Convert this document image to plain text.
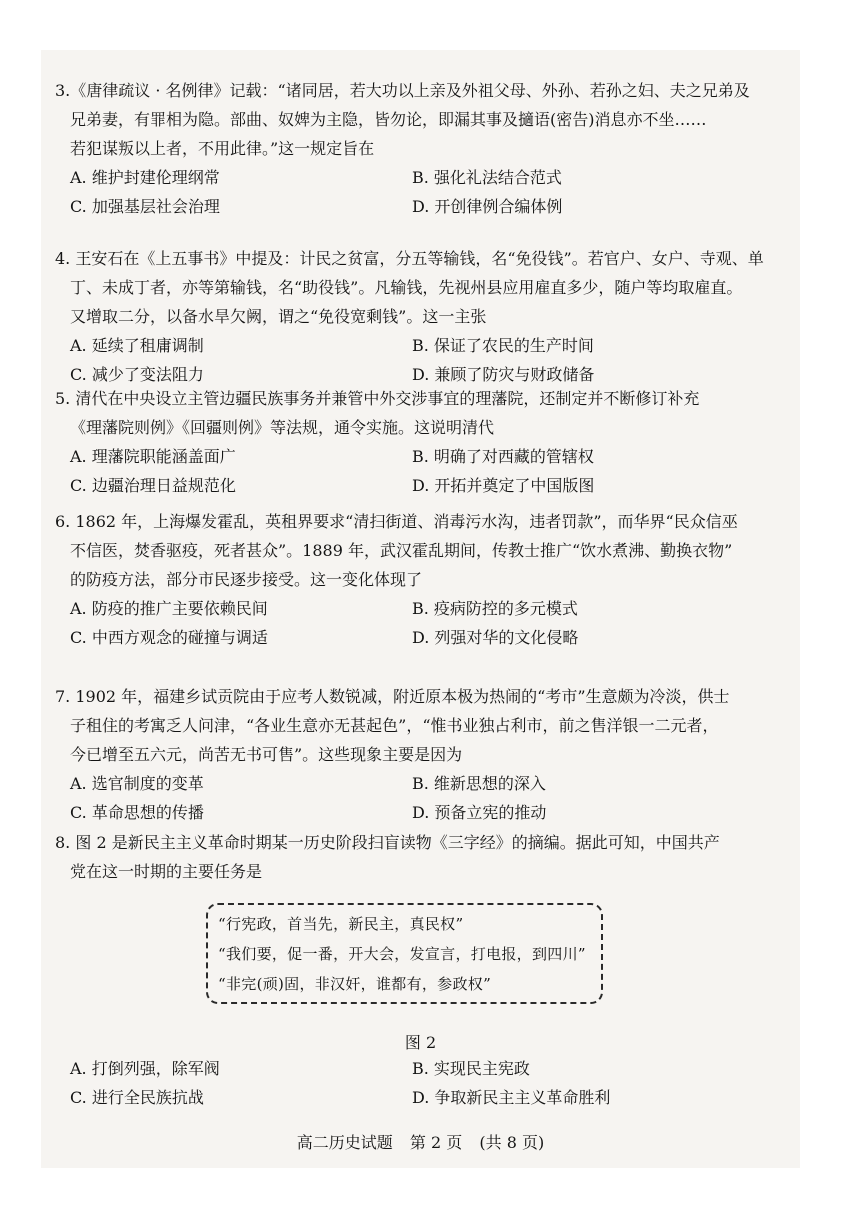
3.《唐律疏议 · 名例律》记载：“诸同居，若大功以上亲及外祖父母、外孙、若孙之妇、夫之兄弟及

兄弟妻，有罪相为隐。部曲、奴婢为主隐，皆勿论，即漏其事及擿语(密告)消息亦不坐……

若犯谋叛以上者，不用此律。”这一规定旨在

A. 维护封建伦理纲常	B. 强化礼法结合范式
C. 加强基层社会治理	D. 开创律例合编体例

4. 王安石在《上五事书》中提及：计民之贫富，分五等输钱，名“免役钱”。若官户、女户、寺观、单

丁、未成丁者，亦等第输钱，名“助役钱”。凡输钱，先视州县应用雇直多少，随户等均取雇直。

又增取二分，以备水旱欠阙，谓之“免役宽剩钱”。这一主张

A. 延续了租庸调制	B. 保证了农民的生产时间
C. 减少了变法阻力	D. 兼顾了防灾与财政储备

5. 清代在中央设立主管边疆民族事务并兼管中外交涉事宜的理藩院，还制定并不断修订补充

《理藩院则例》《回疆则例》等法规，通令实施。这说明清代

A. 理藩院职能涵盖面广	B. 明确了对西藏的管辖权
C. 边疆治理日益规范化	D. 开拓并奠定了中国版图

6. 1862 年，上海爆发霍乱，英租界要求“清扫街道、消毒污水沟，违者罚款”，而华界“民众信巫

不信医，焚香驱疫，死者甚众”。1889 年，武汉霍乱期间，传教士推广“饮水煮沸、勤换衣物”

的防疫方法，部分市民逐步接受。这一变化体现了

A. 防疫的推广主要依赖民间	B. 疫病防控的多元模式
C. 中西方观念的碰撞与调适	D. 列强对华的文化侵略

7. 1902 年，福建乡试贡院由于应考人数锐减，附近原本极为热闹的“考市”生意颇为冷淡，供士

子租住的考寓乏人问津，“各业生意亦无甚起色”，“惟书业独占利市，前之售洋银一二元者，

今已增至五六元，尚苦无书可售”。这些现象主要是因为

A. 选官制度的变革	B. 维新思想的深入
C. 革命思想的传播	D. 预备立宪的推动

8. 图 2 是新民主主义革命时期某一历史阶段扫盲读物《三字经》的摘编。据此可知，中国共产

党在这一时期的主要任务是

“行宪政，首当先，新民主，真民权”

“我们要，促一番，开大会，发宣言，打电报，到四川”

“非完(顽)固，非汉奸，谁都有，参政权”

图 2
A. 打倒列强，除军阀	B. 实现民主宪政
C. 进行全民族抗战	D. 争取新民主主义革命胜利
高二历史试题 第 2 页 (共 8 页)
